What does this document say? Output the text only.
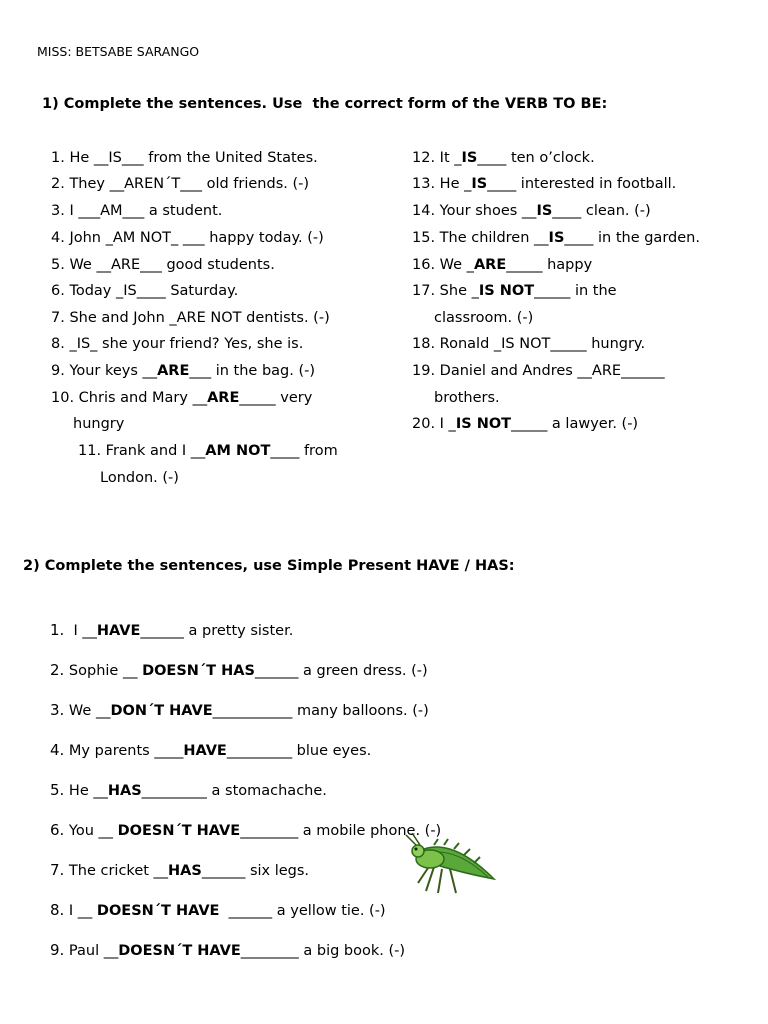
MISS: BETSABE SARANGO
1) Complete the sentences. Use  the correct form of the VERB TO BE:
1. He __IS___ from the United States.
2. They __AREN´T___ old friends. (-)
3. I ___AM___ a student.
4. John _AM NOT_ ___ happy today. (-)
5. We __ARE___ good students.
6. Today _IS____ Saturday.
7. She and John _ARE NOT dentists. (-)
8. _IS_ she your friend? Yes, she is.
9. Your keys __ARE___ in the bag. (-)
10. Chris and Mary __ARE_____ very
hungry
11. Frank and I __AM NOT____ from
London. (-)
12. It _IS____ ten o’clock.
13. He _IS____ interested in football.
14. Your shoes __IS____ clean. (-)
15. The children __IS____ in the garden.
16. We _ARE_____ happy
17. She _IS NOT_____ in the
classroom. (-)
18. Ronald _IS NOT_____ hungry.
19. Daniel and Andres __ARE______
brothers.
20. I _IS NOT_____ a lawyer. (-)
2) Complete the sentences, use Simple Present HAVE / HAS:
1.  I __HAVE______ a pretty sister.
2. Sophie __ DOESN´T HAS______ a green dress. (-)
3. We __DON´T HAVE___________ many balloons. (-)
4. My parents ____HAVE_________ blue eyes.
5. He __HAS_________ a stomachache.
6. You __ DOESN´T HAVE________ a mobile phone. (-)
7. The cricket __HAS______ six legs.
8. I __ DOESN´T HAVE  ______ a yellow tie. (-)
9. Paul __DOESN´T HAVE________ a big book. (-)
